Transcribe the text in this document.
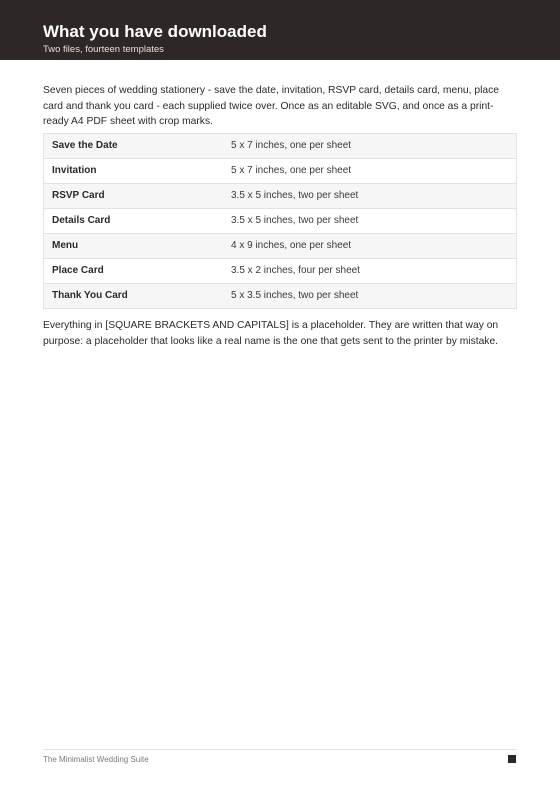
What you have downloaded

Two files, fourteen templates

Seven pieces of wedding stationery - save the date, invitation, RSVP card, details card, menu, place card and thank you card - each supplied twice over. Once as an editable SVG, and once as a print-ready A4 PDF sheet with crop marks.

Save the Date	5 x 7 inches, one per sheet
Invitation	5 x 7 inches, one per sheet
RSVP Card	3.5 x 5 inches, two per sheet
Details Card	3.5 x 5 inches, two per sheet
Menu	4 x 9 inches, one per sheet
Place Card	3.5 x 2 inches, four per sheet
Thank You Card	5 x 3.5 inches, two per sheet

Everything in [SQUARE BRACKETS AND CAPITALS] is a placeholder. They are written that way on purpose: a placeholder that looks like a real name is the one that gets sent to the printer by mistake.

The Minimalist Wedding Suite
